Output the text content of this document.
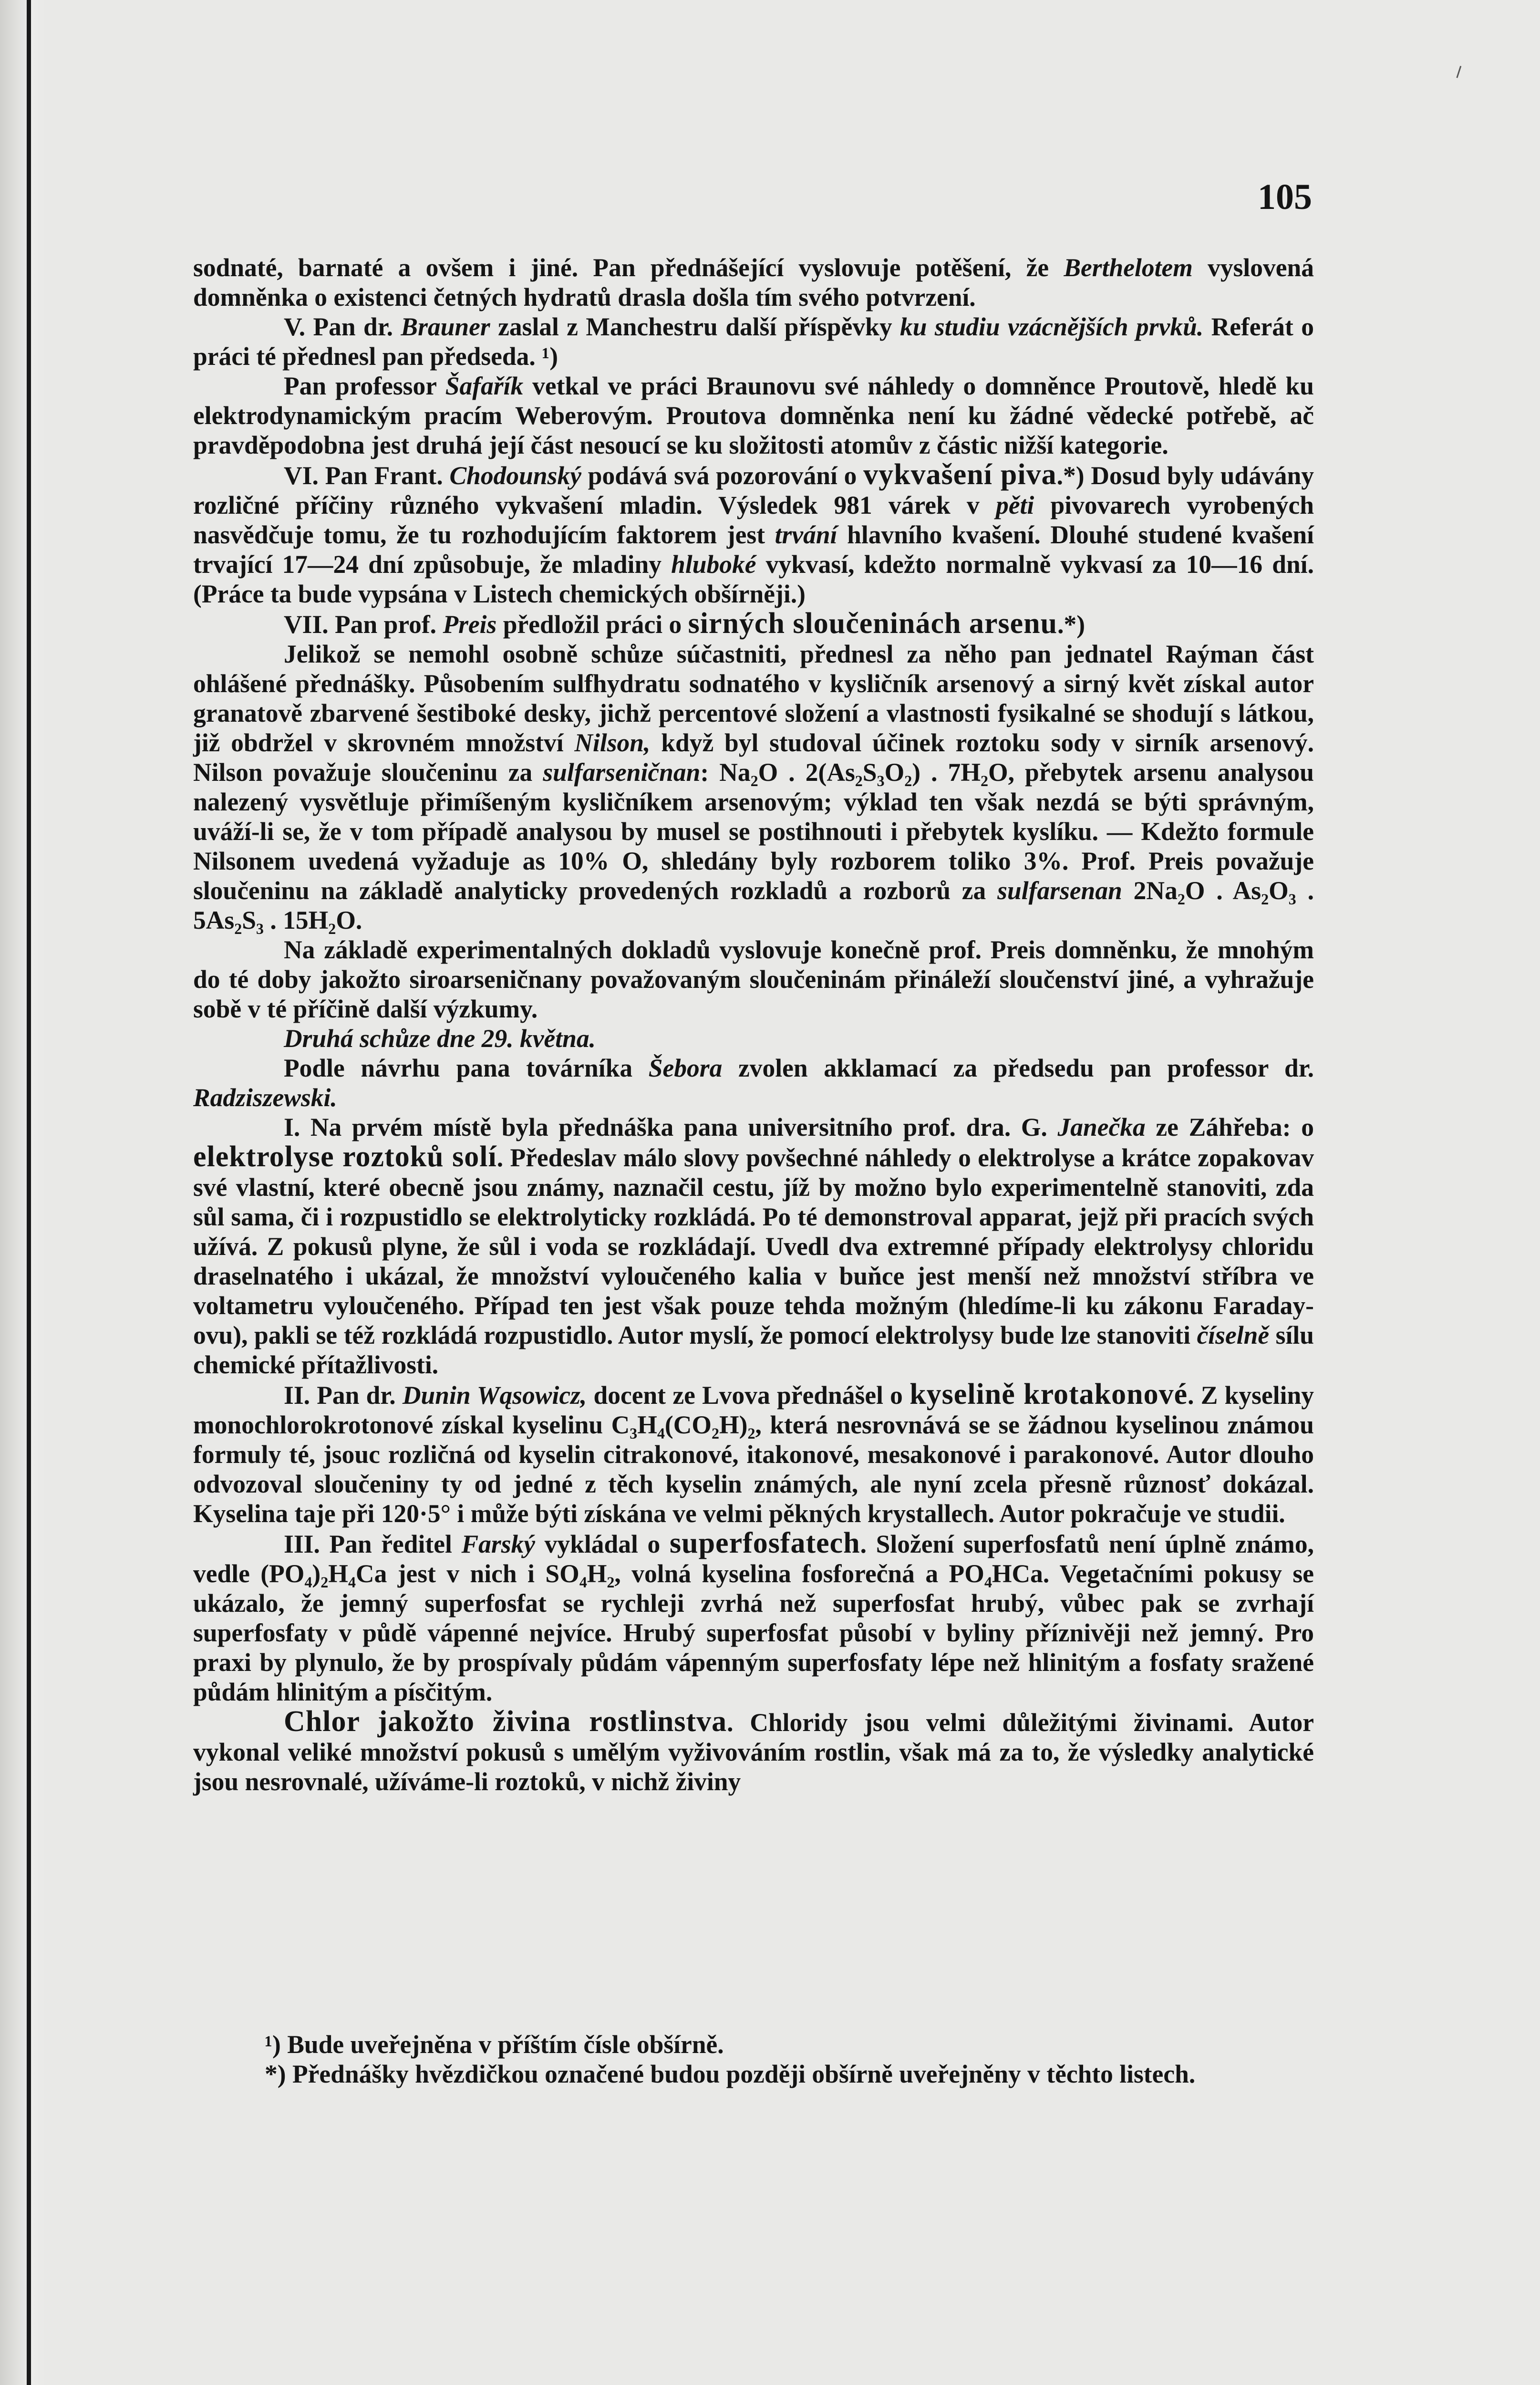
105

sodnaté, barnaté a ovšem i jiné. Pan přednášející vyslovuje potěšení, že Berthelotem vyslovená domněnka o existenci četných hydratů drasla došla tím svého potvrzení.

V. Pan dr. Brauner zaslal z Manchestru další příspěvky ku studiu vzácnějších prvků. Referát o práci té přednesl pan předseda. ¹)

Pan professor Šafařík vetkal ve práci Braunovu své náhledy o domněnce Proutově, hledě ku elektrodynamickým pracím Weberovým. Proutova domněnka není ku žádné vědecké potřebě, ač pravděpodobna jest druhá její část nesoucí se ku složitosti atomův z částic nižší kategorie.

VI. Pan Frant. Chodounský podává svá pozorování o vykvašení piva.*) Dosud byly udávány rozličné příčiny různého vykvašení mladin. Výsledek 981 várek v pěti pivovarech vyrobených nasvědčuje tomu, že tu rozhodujícím faktorem jest trvání hlavního kvašení. Dlouhé studené kvašení trvající 17—24 dní způsobuje, že mladiny hluboké vykvasí, kdežto normalně vykvasí za 10—16 dní. (Práce ta bude vypsána v Listech chemických obšírněji.)

VII. Pan prof. Preis předložil práci o sirných sloučeninách arsenu.*)

Jelikož se nemohl osobně schůze súčastniti, přednesl za něho pan jednatel Raýman část ohlášené přednášky. Působením sulfhydratu sodnatého v kysličník arsenový a sirný květ získal autor granatově zbarvené šestiboké desky, jichž percentové složení a vlastnosti fysikalné se shodují s látkou, již obdržel v skrovném množství Nilson, když byl studoval účinek roztoku sody v sirník arsenový. Nilson považuje sloučeninu za sulfarseničnan: Na₂O . 2(As₂S₃O₂) . 7H₂O, přebytek arsenu analysou nalezený vysvětluje přimíšeným kysličníkem arsenovým; výklad ten však nezdá se býti správným, uváží-li se, že v tom případě analysou by musel se postihnouti i přebytek kyslíku. — Kdežto formule Nilsonem uvedená vyžaduje as 10% O, shledány byly rozborem toliko 3%. Prof. Preis považuje sloučeninu na základě analyticky provedených rozkladů a rozborů za sulfarsenan 2Na₂O . As₂O₃ . 5As₂S₃ . 15H₂O.

Na základě experimentalných dokladů vyslovuje konečně prof. Preis domněnku, že mnohým do té doby jakožto siroarseničnany považovaným sloučeninám přináleží sloučenství jiné, a vyhražuje sobě v té příčině další výzkumy.

Druhá schůze dne 29. května.

Podle návrhu pana továrníka Šebora zvolen akklamací za předsedu pan professor dr. Radziszewski.

I. Na prvém místě byla přednáška pana universitního prof. dra. G. Janečka ze Záhřeba: o elektrolyse roztoků solí. Předeslav málo slovy povšechné náhledy o elektrolyse a krátce zopakovav své vlastní, které obecně jsou známy, naznačil cestu, jíž by možno bylo experimentelně stanoviti, zda sůl sama, či i rozpustidlo se elektrolyticky rozkládá. Po té demonstroval apparat, jejž při pracích svých užívá. Z pokusů plyne, že sůl i voda se rozkládají. Uvedl dva extremné případy elektrolysy chloridu draselnatého i ukázal, že množství vyloučeného kalia v buňce jest menší než množství stříbra ve voltametru vyloučeného. Případ ten jest však pouze tehda možným (hledíme-li ku zákonu Faraday-ovu), pakli se též rozkládá rozpustidlo. Autor myslí, že pomocí elektrolysy bude lze stanoviti číselně sílu chemické přítažlivosti.

II. Pan dr. Dunin Wąsowicz, docent ze Lvova přednášel o kyselině krotakonové. Z kyseliny monochlorokrotonové získal kyselinu C₃H₄(CO₂H)₂, která nesrovnává se se žádnou kyselinou známou formuly té, jsouc rozličná od kyselin citrakonové, itakonové, mesakonové i parakonové. Autor dlouho odvozoval sloučeniny ty od jedné z těch kyselin známých, ale nyní zcela přesně různosť dokázal. Kyselina taje při 120·5° i může býti získána ve velmi pěkných krystallech. Autor pokračuje ve studii.

III. Pan ředitel Farský vykládal o superfosfatech. Složení superfosfatů není úplně známo, vedle (PO₄)₂H₄Ca jest v nich i SO₄H₂, volná kyselina fosforečná a PO₄HCa. Vegetačními pokusy se ukázalo, že jemný superfosfat se rychleji zvrhá než superfosfat hrubý, vůbec pak se zvrhají superfosfaty v půdě vápenné nejvíce. Hrubý superfosfat působí v byliny příznivěji než jemný. Pro praxi by plynulo, že by prospívaly půdám vápenným superfosfaty lépe než hlinitým a fosfaty sražené půdám hlinitým a písčitým.

Chlor jakožto živina rostlinstva. Chloridy jsou velmi důležitými živinami. Autor vykonal veliké množství pokusů s umělým vyživováním rostlin, však má za to, že výsledky analytické jsou nesrovnalé, užíváme-li roztoků, v nichž živiny

¹) Bude uveřejněna v příštím čísle obšírně.

*) Přednášky hvězdičkou označené budou později obšírně uveřejněny v těchto listech.
